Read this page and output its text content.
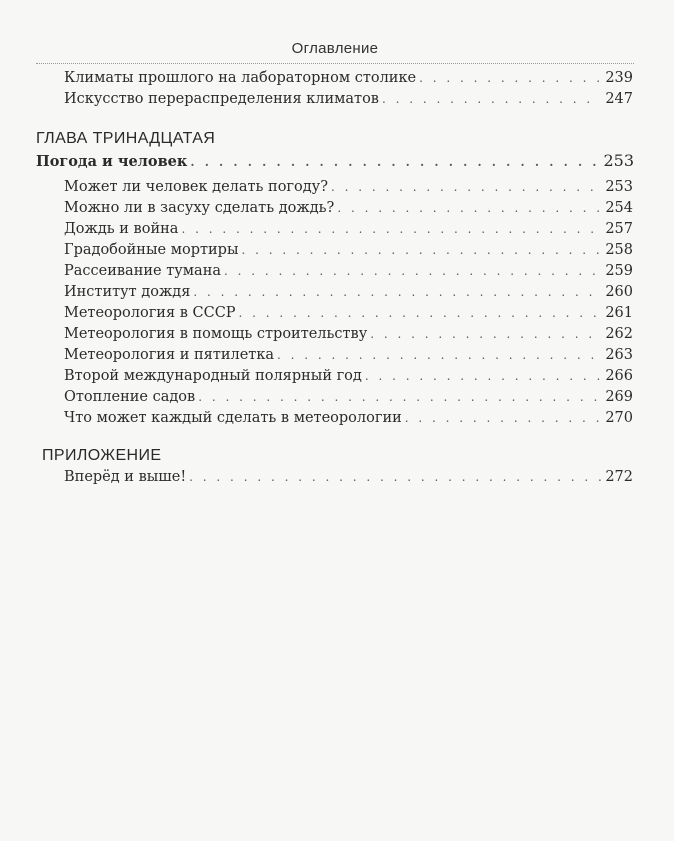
Оглавление
Климаты прошлого на лабораторном столике . . .	239
Искусство перераспределения климатов . . .	247
ГЛАВА ТРИНАДЦАТАЯ
Погода и человек . . .	253
Может ли человек делать погоду? . . .	253
Можно ли в засуху сделать дождь? . . .	254
Дождь и война . . .	257
Градобойные мортиры . . .	258
Рассеивание тумана . . .	259
Институт дождя . . .	260
Метеорология в СССР . . .	261
Метеорология в помощь строительству . . .	262
Метеорология и пятилетка . . .	263
Второй международный полярный год . . .	266
Отопление садов . . .	269
Что может каждый сделать в метеорологии . . .	270
ПРИЛОЖЕНИЕ
Вперёд и выше! . . .	272
